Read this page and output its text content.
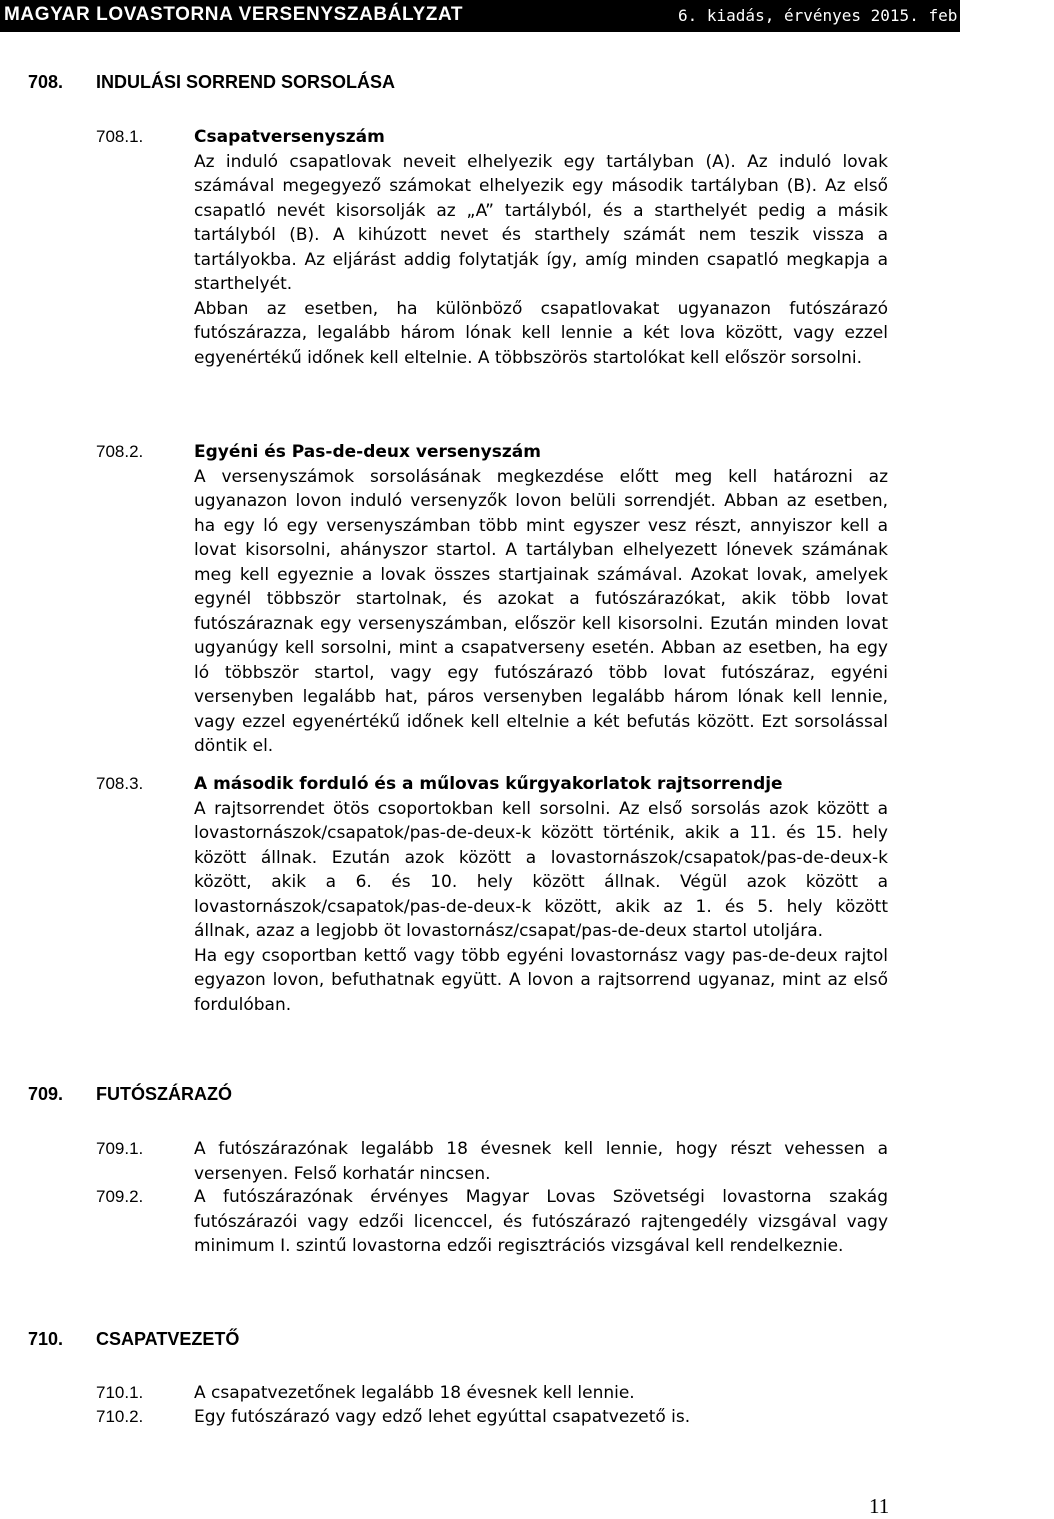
MAGYAR LOVASTORNA VERSENYSZABÁLYZAT	6. kiadás, érvényes 2015. február 8-tól
708. INDULÁSI SORREND SORSOLÁSA
708.1.	Csapatversenyszám

Az induló csapatlovak neveit elhelyezik egy tartályban (A). Az induló lovak számával megegyező számokat elhelyezik egy második tartályban (B). Az első csapatló nevét kisorsolják az „A” tartályból, és a starthelyét pedig a másik tartályból (B). A kihúzott nevet és starthely számát nem teszik vissza a tartályokba. Az eljárást addig folytatják így, amíg minden csapatló megkapja a starthelyét.

Abban az esetben, ha különböző csapatlovakat ugyanazon futószárazó futószárazza, legalább három lónak kell lennie a két lova között, vagy ezzel egyenértékű időnek kell eltelnie. A többszörös startolókat kell először sorsolni.

708.2.	Egyéni és Pas-de-deux versenyszám

A versenyszámok sorsolásának megkezdése előtt meg kell határozni az ugyanazon lovon induló versenyzők lovon belüli sorrendjét. Abban az esetben, ha egy ló egy versenyszámban több mint egyszer vesz részt, annyiszor kell a lovat kisorsolni, ahányszor startol. A tartályban elhelyezett lónevek számának meg kell egyeznie a lovak összes startjainak számával. Azokat lovak, amelyek egynél többször startolnak, és azokat a futószárazókat, akik több lovat futószáraznak egy versenyszámban, először kell kisorsolni. Ezután minden lovat ugyanúgy kell sorsolni, mint a csapatverseny esetén. Abban az esetben, ha egy ló többször startol, vagy egy futószárazó több lovat futószáraz, egyéni versenyben legalább hat, páros versenyben legalább három lónak kell lennie, vagy ezzel egyenértékű időnek kell eltelnie a két befutás között. Ezt sorsolással döntik el.

708.3.	A második forduló és a műlovas kűrgyakorlatok rajtsorrendje

A rajtsorrendet ötös csoportokban kell sorsolni. Az első sorsolás azok között a lovastornászok/csapatok/pas-de-deux-k között történik, akik a 11. és 15. hely között állnak. Ezután azok között a lovastornászok/csapatok/pas-de-deux-k között, akik a 6. és 10. hely között állnak. Végül azok között a lovastornászok/csapatok/pas-de-deux-k között, akik az 1. és 5. hely között állnak, azaz a legjobb öt lovastornász/csapat/pas-de-deux startol utoljára.

Ha egy csoportban kettő vagy több egyéni lovastornász vagy pas-de-deux rajtol egyazon lovon, befuthatnak együtt. A lovon a rajtsorrend ugyanaz, mint az első fordulóban.

709. FUTÓSZÁRAZÓ
709.1.	A futószárazónak legalább 18 évesnek kell lennie, hogy részt vehessen a versenyen. Felső korhatár nincsen.

709.2.	A futószárazónak érvényes Magyar Lovas Szövetségi lovastorna szakág futószárazói vagy edzői licenccel, és futószárazó rajtengedély vizsgával vagy minimum I. szintű lovastorna edzői regisztrációs vizsgával kell rendelkeznie.

710. CSAPATVEZETŐ
710.1.	A csapatvezetőnek legalább 18 évesnek kell lennie.

710.2.	Egy futószárazó vagy edző lehet egyúttal csapatvezető is.

11
